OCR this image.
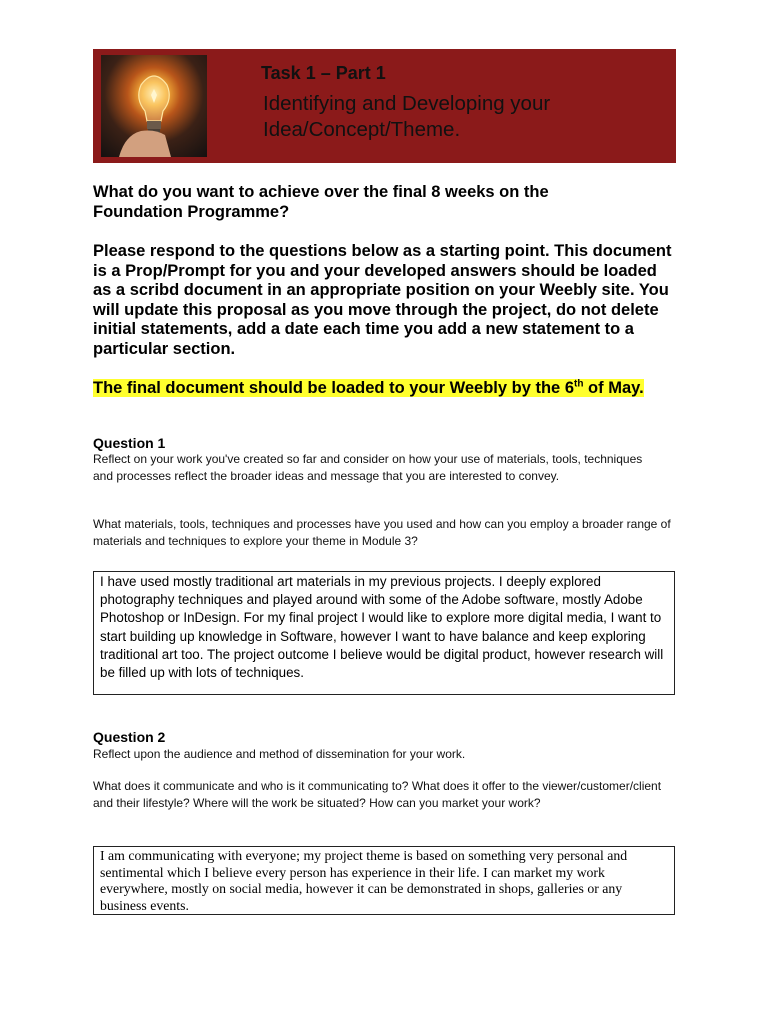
Task 1 – Part 1
Identifying and Developing your
Idea/Concept/Theme.

What do you want to achieve over the final 8 weeks on the Foundation Programme?

Please respond to the questions below as a starting point. This document is a Prop/Prompt for you and your developed answers should be loaded as a scribd document in an appropriate position on your Weebly site. You will update this proposal as you move through the project, do not delete initial statements, add a date each time you add a new statement to a particular section.

The final document should be loaded to your Weebly by the 6th of May.

Question 1

Reflect on your work you've created so far and consider on how your use of materials, tools, techniques and processes reflect the broader ideas and message that you are interested to convey.

What materials, tools, techniques and processes have you used and how can you employ a broader range of materials and techniques to explore your theme in Module 3?

I have used mostly traditional art materials in my previous projects. I deeply explored photography techniques and played around with some of the Adobe software, mostly Adobe Photoshop or InDesign. For my final project I would like to explore more digital media, I want to start building up knowledge in Software, however I want to have balance and keep exploring traditional art too. The project outcome I believe would be digital product, however research will be filled up with lots of techniques.

Question 2

Reflect upon the audience and method of dissemination for your work.

What does it communicate and who is it communicating to? What does it offer to the viewer/customer/client and their lifestyle? Where will the work be situated? How can you market your work?

I am communicating with everyone; my project theme is based on something very personal and sentimental which I believe every person has experience in their life. I can market my work everywhere, mostly on social media, however it can be demonstrated in shops, galleries or any business events.
